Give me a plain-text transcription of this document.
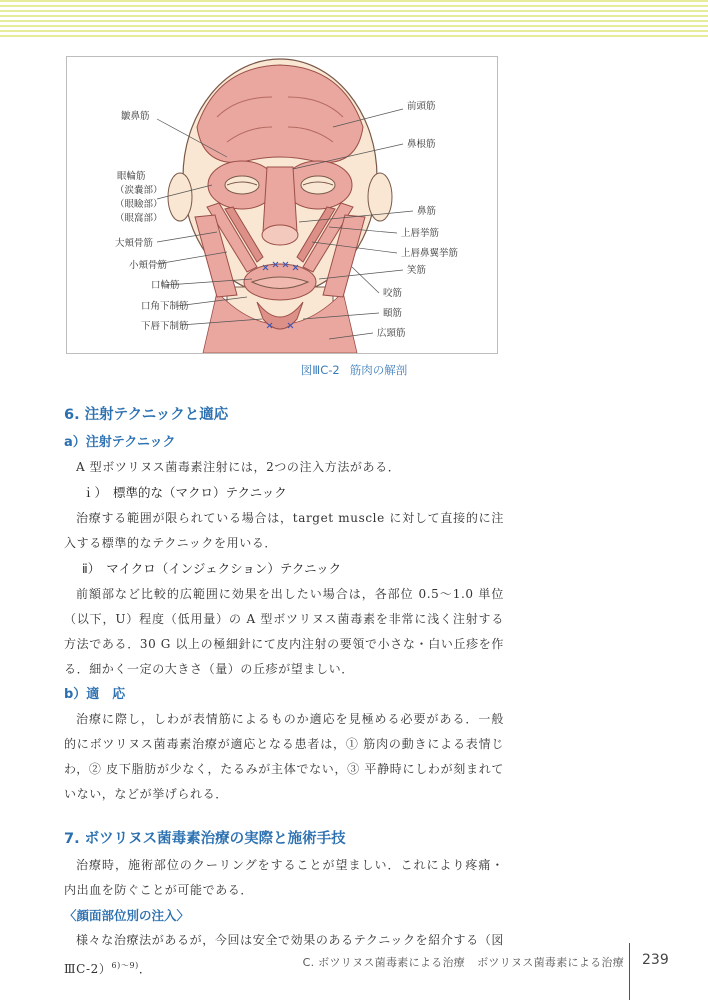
皺鼻筋
眼輪筋
（涙嚢部）
（眼瞼部）
（眼窩部）
大頬骨筋
小頬骨筋
口輪筋
口角下制筋
下唇下制筋
前頭筋
鼻根筋
鼻筋
上唇挙筋
上唇鼻翼挙筋
笑筋
咬筋
頤筋
広頸筋
図ⅢC-2 筋肉の解剖
6. 注射テクニックと適応
a）注射テクニック

A 型ボツリヌス菌毒素注射には，2つの注入方法がある．

ｉ） 標準的な（マクロ）テクニック

治療する範囲が限られている場合は，target muscle に対して直接的に注入する標準的なテクニックを用いる．

ⅱ） マイクロ（インジェクション）テクニック

前額部など比較的広範囲に効果を出したい場合は，各部位 0.5〜1.0 単位（以下，U）程度（低用量）の A 型ボツリヌス菌毒素を非常に浅く注射する方法である．30 G 以上の極細針にて皮内注射の要領で小さな・白い丘疹を作る．細かく一定の大きさ（量）の丘疹が望ましい．

b）適　応

治療に際し，しわが表情筋によるものか適応を見極める必要がある．一般的にボツリヌス菌毒素治療が適応となる患者は，① 筋肉の動きによる表情じわ，② 皮下脂肪が少なく，たるみが主体でない，③ 平静時にしわが刻まれていない，などが挙げられる．

7. ボツリヌス菌毒素治療の実際と施術手技

治療時，施術部位のクーリングをすることが望ましい．これにより疼痛・内出血を防ぐことが可能である．

〈顔面部位別の注入〉

様々な治療法があるが，今回は安全で効果のあるテクニックを紹介する（図ⅢC-2）$^{6)〜9)}$．	C. ボツリヌス菌毒素による治療 ボツリヌス菌毒素による治療 239
